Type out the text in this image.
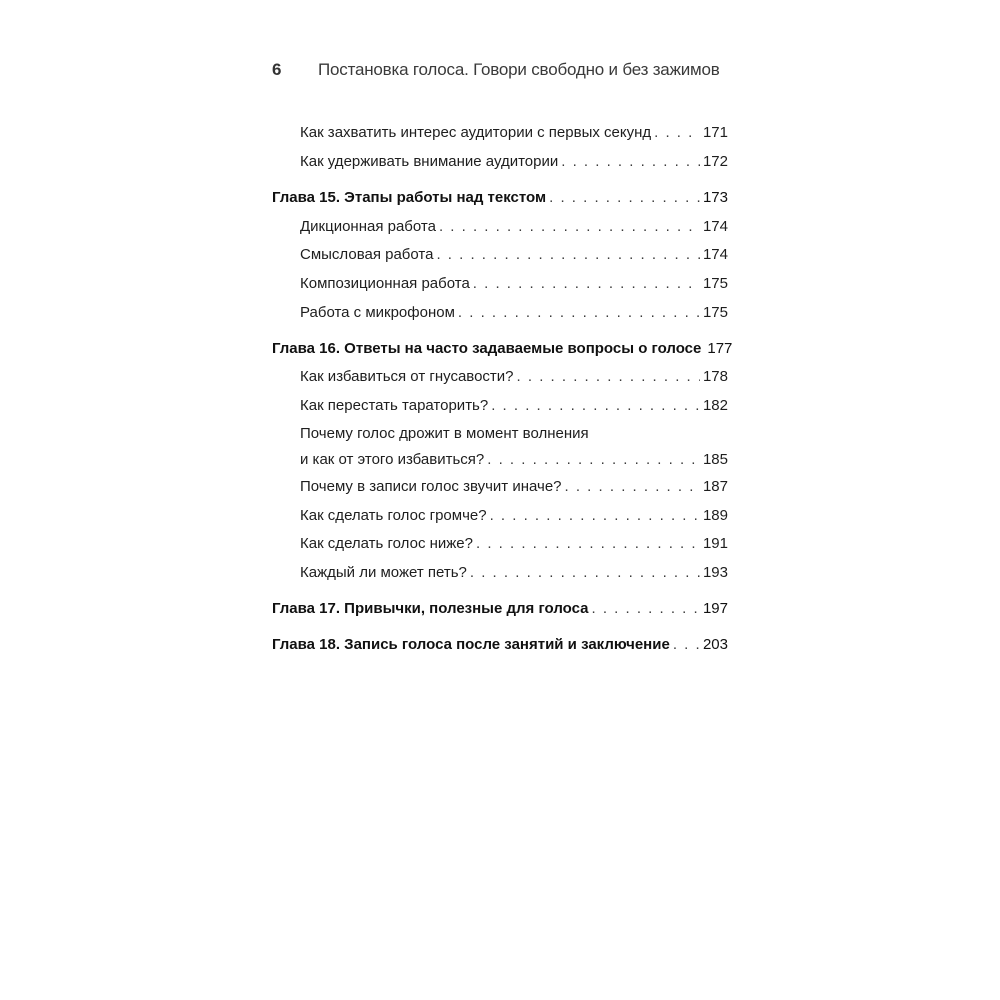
6	Постановка голоса. Говори свободно и без зажимов
Как захватить интерес аудитории с первых секунд . . .	171
Как удерживать внимание аудитории . . .	172
Глава 15. Этапы работы над текстом . . .	173
Дикционная работа . . .	174
Смысловая работа . . .	174
Композиционная работа . . .	175
Работа с микрофоном . . .	175
Глава 16. Ответы на часто задаваемые вопросы о голосе 177
Как избавиться от гнусавости? . . .	178
Как перестать тараторить? . . .	182
Почему голос дрожит в момент волнения
и как от этого избавиться? . . .	185
Почему в записи голос звучит иначе? . . .	187
Как сделать голос громче? . . .	189
Как сделать голос ниже? . . .	191
Каждый ли может петь? . . .	193
Глава 17. Привычки, полезные для голоса . . .	197
Глава 18. Запись голоса после занятий и заключение . . . 203
